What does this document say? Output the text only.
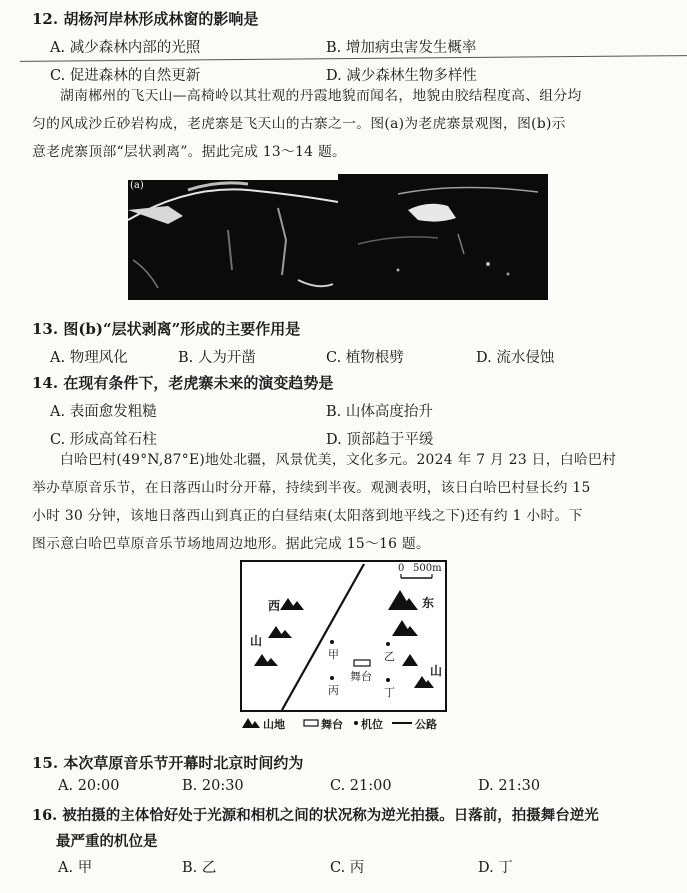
12. 胡杨河岸林形成林窗的影响是
A. 减少森林内部的光照	B. 增加病虫害发生概率
C. 促进森林的自然更新	D. 减少森林生物多样性
湖南郴州的飞天山—高椅岭以其壮观的丹霞地貌而闻名，地貌由胶结程度高、组分均
匀的风成沙丘砂岩构成，老虎寨是飞天山的古寨之一。图(a)为老虎寨景观图，图(b)示
意老虎寨顶部“层状剥离”。据此完成 13～14 题。
(a)
13. 图(b)“层状剥离”形成的主要作用是
A. 物理风化	B. 人为开凿	C. 植物根劈	D. 流水侵蚀
14. 在现有条件下，老虎寨未来的演变趋势是
A. 表面愈发粗糙	B. 山体高度抬升
C. 形成高耸石柱	D. 顶部趋于平缓
白哈巴村(49°N,87°E)地处北疆，风景优美，文化多元。2024 年 7 月 23 日，白哈巴村
举办草原音乐节，在日落西山时分开幕，持续到半夜。观测表明，该日白哈巴村昼长约 15
小时 30 分钟，该地日落西山到真正的白昼结束(太阳落到地平线之下)还有约 1 小时。下
图示意白哈巴草原音乐节场地周边地形。据此完成 15～16 题。
0 500m
西
山
东
山
甲	乙
丙	丁
舞台
山地	舞台 机位	公路
15. 本次草原音乐节开幕时北京时间约为
A. 20:00	B. 20:30	C. 21:00	D. 21:30
16. 被拍摄的主体恰好处于光源和相机之间的状况称为逆光拍摄。日落前，拍摄舞台逆光
最严重的机位是
A. 甲	B. 乙	C. 丙	D. 丁
